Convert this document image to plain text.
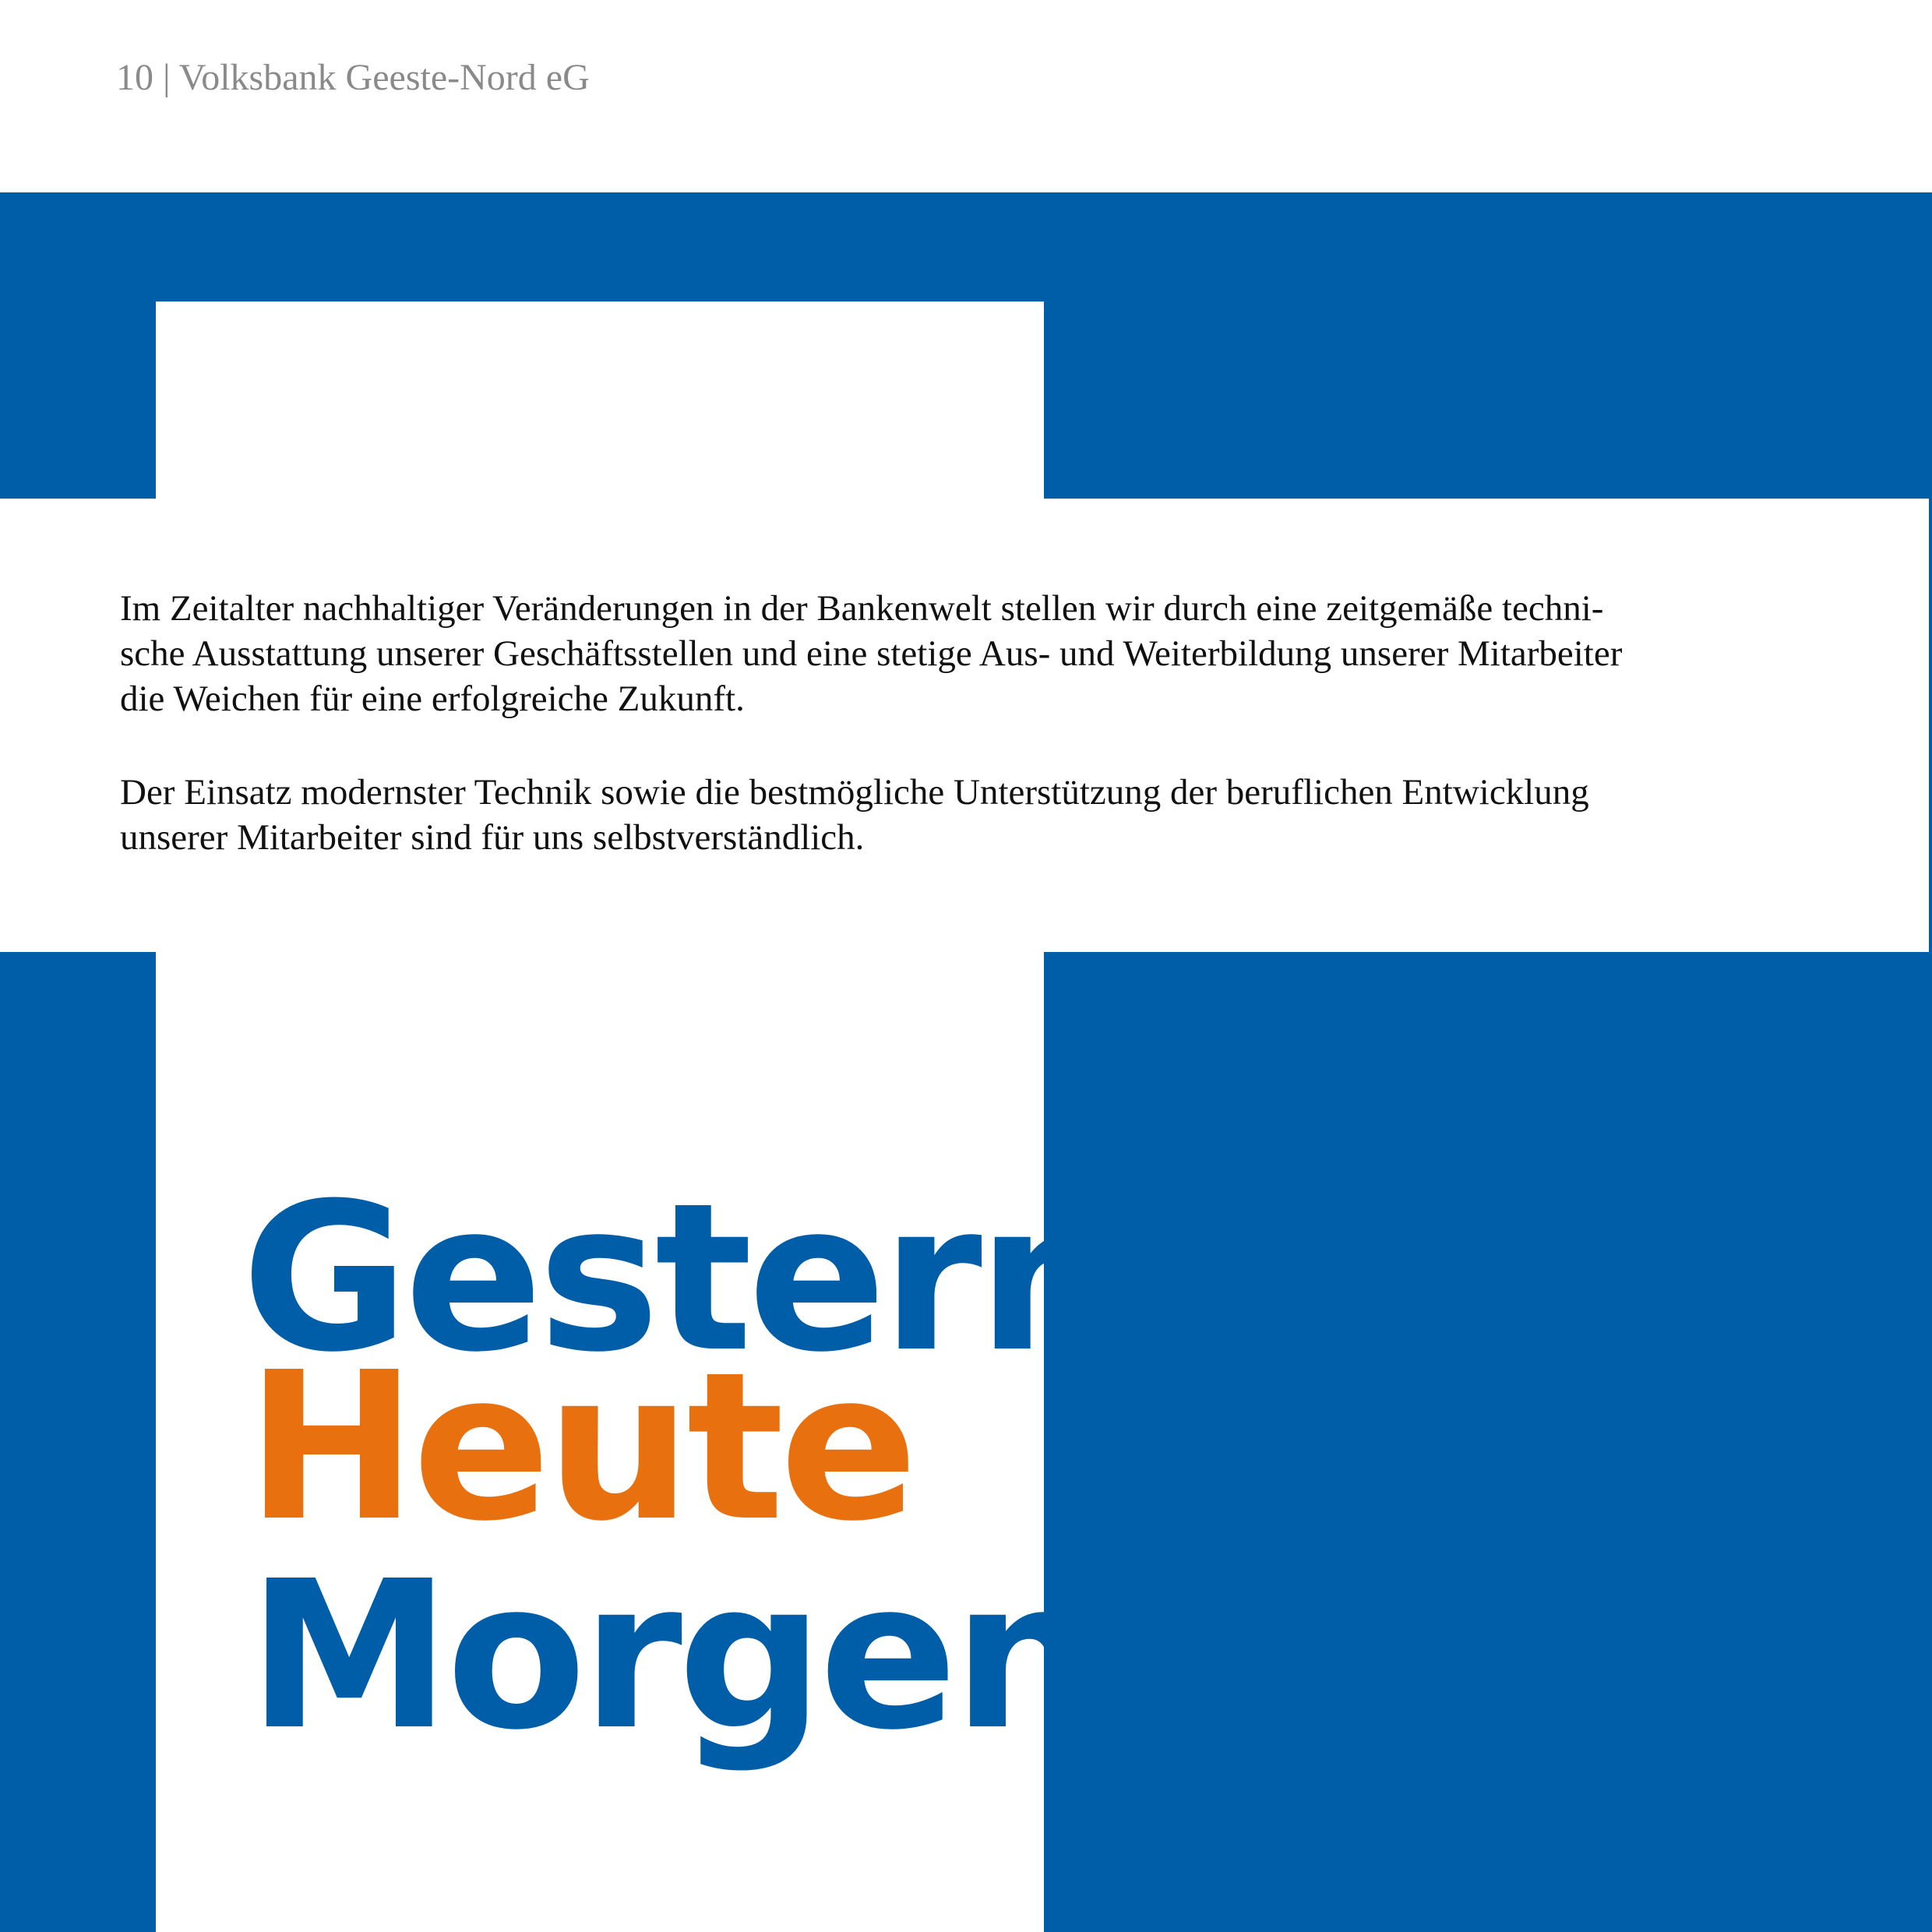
10 | Volksbank Geeste-Nord eG

Im Zeitalter nachhaltiger Veränderungen in der Bankenwelt stellen wir durch eine zeitgemäße techni-
sche Ausstattung unserer Geschäftsstellen und eine stetige Aus- und Weiterbildung unserer Mitarbeiter
die Weichen für eine erfolgreiche Zukunft.

Der Einsatz modernster Technik sowie die bestmögliche Unterstützung der beruflichen Entwicklung
unserer Mitarbeiter sind für uns selbstverständlich.

Gestern
Heute
Morgen
